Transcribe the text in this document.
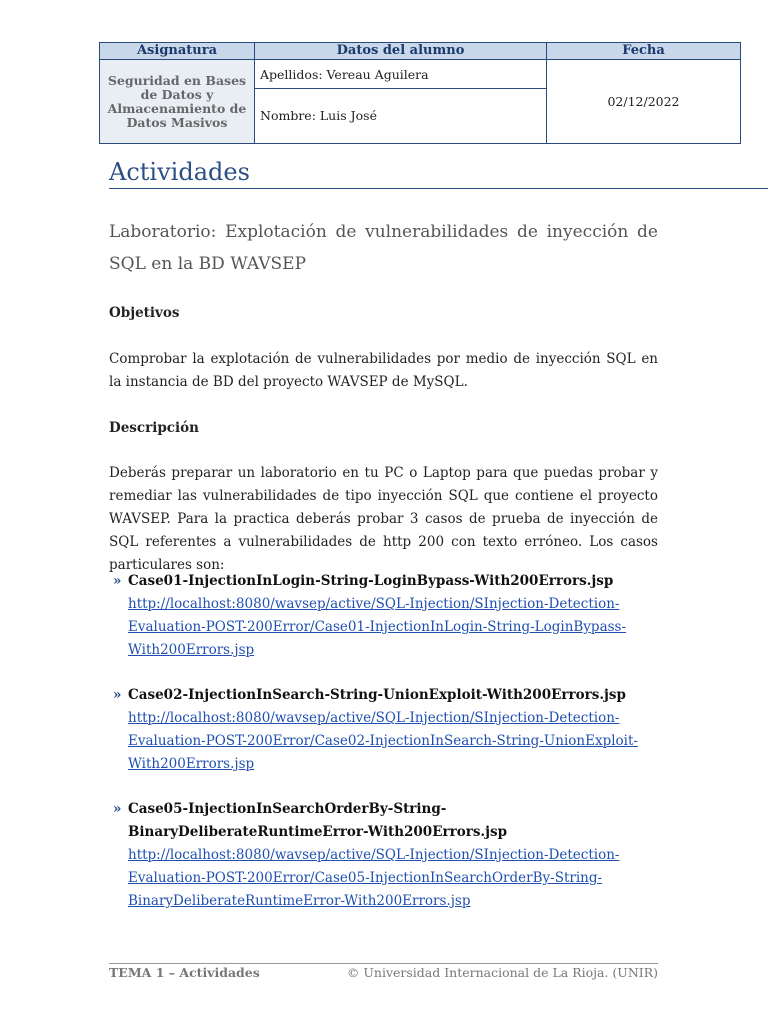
Asignatura	Datos del alumno	Fecha
Seguridad en Bases de Datos y Almacenamiento de Datos Masivos	Apellidos: Vereau Aguilera	02/12/2022
	Nombre: Luis José	
Actividades
Laboratorio: Explotación de vulnerabilidades de inyección de SQL en la BD WAVSEP
Objetivos
Comprobar la explotación de vulnerabilidades por medio de inyección SQL en la instancia de BD del proyecto WAVSEP de MySQL.
Descripción
Deberás preparar un laboratorio en tu PC o Laptop para que puedas probar y remediar las vulnerabilidades de tipo inyección SQL que contiene el proyecto WAVSEP. Para la practica deberás probar 3 casos de prueba de inyección de SQL referentes a vulnerabilidades de http 200 con texto erróneo. Los casos particulares son:
» Case01-InjectionInLogin-String-LoginBypass-With200Errors.jsp
http://localhost:8080/wavsep/active/SQL-Injection/SInjection-Detection-Evaluation-POST-200Error/Case01-InjectionInLogin-String-LoginBypass-With200Errors.jsp
» Case02-InjectionInSearch-String-UnionExploit-With200Errors.jsp
http://localhost:8080/wavsep/active/SQL-Injection/SInjection-Detection-Evaluation-POST-200Error/Case02-InjectionInSearch-String-UnionExploit-With200Errors.jsp
» Case05-InjectionInSearchOrderBy-String-BinaryDeliberateRuntimeError-With200Errors.jsp
http://localhost:8080/wavsep/active/SQL-Injection/SInjection-Detection-Evaluation-POST-200Error/Case05-InjectionInSearchOrderBy-String-BinaryDeliberateRuntimeError-With200Errors.jsp
TEMA 1 – Actividades	© Universidad Internacional de La Rioja. (UNIR)
